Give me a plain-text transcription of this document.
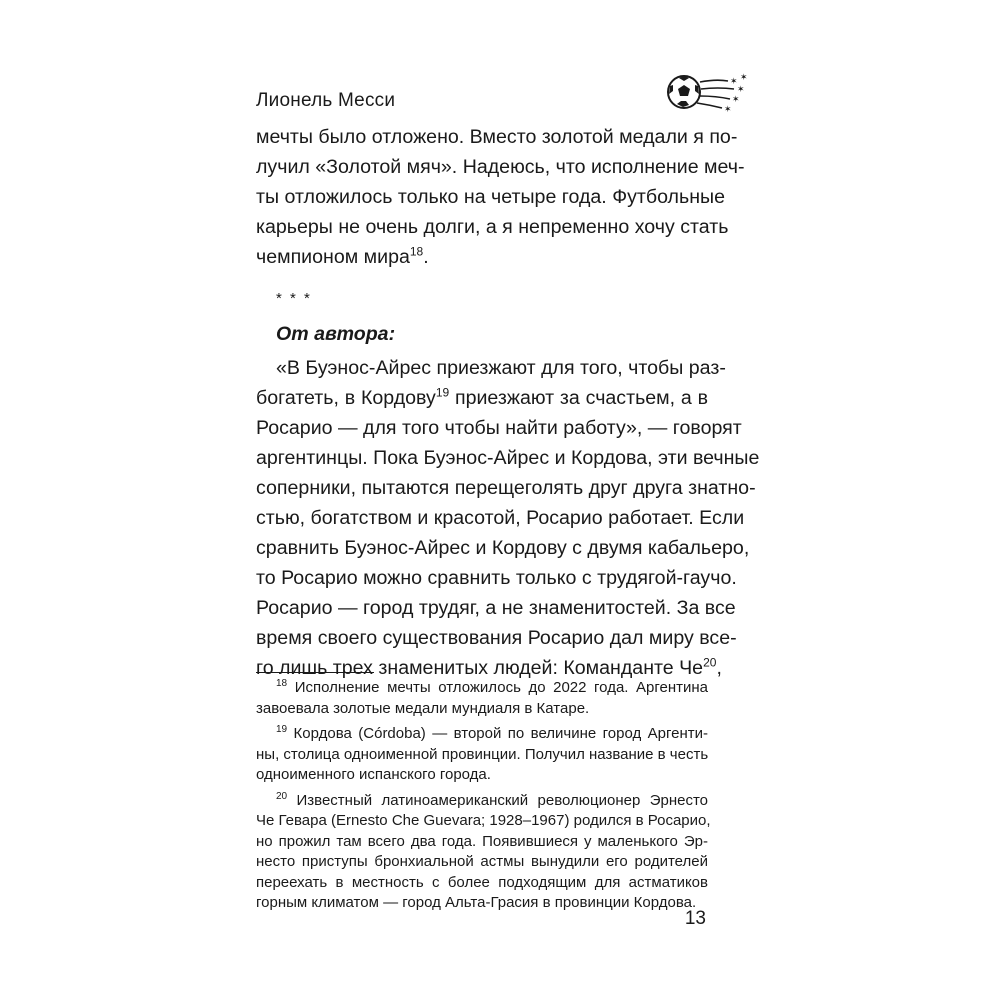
Лионель Месси
✶
✶
✶
✶
✶

мечты было отложено. Вместо золотой медали я по-
лучил «Золотой мяч». Надеюсь, что исполнение меч-
ты отложилось только на четыре года. Футбольные
карьеры не очень долги, а я непременно хочу стать
чемпионом мира$^{18}$.

* * *
От автора:

«В Буэнос-Айрес приезжают для того, чтобы раз-
богатеть, в Кордову$^{19}$ приезжают за счастьем, а в
Росарио — для того чтобы найти работу», — говорят
аргентинцы. Пока Буэнос-Айрес и Кордова, эти вечные
соперники, пытаются перещеголять друг друга знатно-
стью, богатством и красотой, Росарио работает. Если
сравнить Буэнос-Айрес и Кордову с двумя кабальеро,
то Росарио можно сравнить только с трудягой-гаучо.
Росарио — город трудяг, а не знаменитостей. За все
время своего существования Росарио дал миру все-
го лишь трех знаменитых людей: Команданте $Че^{20}$,

$^{18}$ Исполнение мечты отложилось до 2022 года. Аргентина
завоевала золотые медали мундиаля в Катаре.
$^{19}$ Кордова (Córdoba) — второй по величине город Аргенти-
ны, столица одноименной провинции. Получил название в честь
одноименного испанского города.
$^{20}$ Известный латиноамериканский революционер Эрнесто
Че Гевара (Ernesto Che Guevara; 1928–1967) родился в Росарио,
но прожил там всего два года. Появившиеся у маленького Эр-
несто приступы бронхиальной астмы вынудили его родителей
переехать в местность с более подходящим для астматиков
горным климатом — город Альта-Грасия в провинции Кордова.
13
